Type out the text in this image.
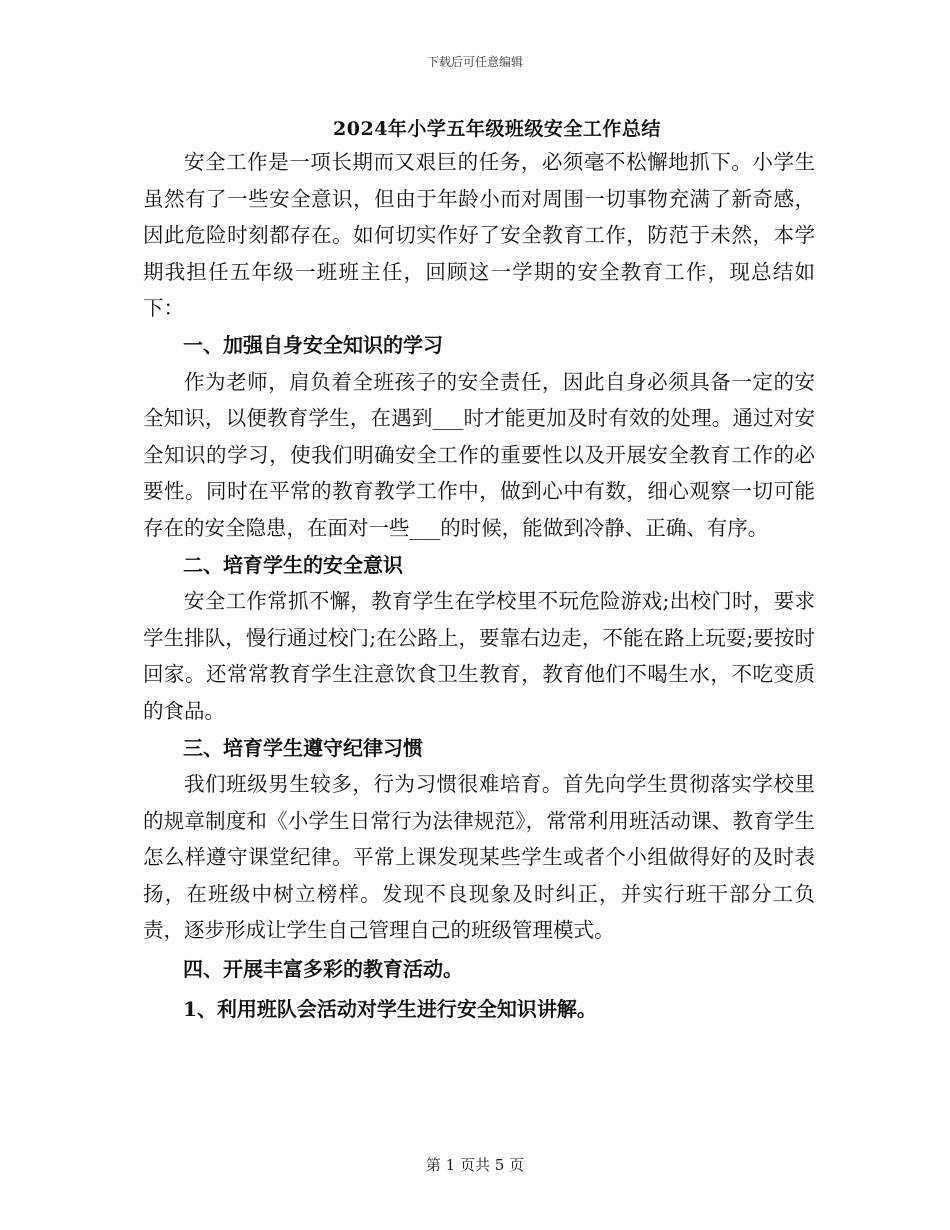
下载后可任意编辑
2024年小学五年级班级安全工作总结

安全工作是一项长期而又艰巨的任务，必须毫不松懈地抓下。小学生虽然有了一些安全意识，但由于年龄小而对周围一切事物充满了新奇感，因此危险时刻都存在。如何切实作好了安全教育工作，防范于未然，本学期我担任五年级一班班主任，回顾这一学期的安全教育工作，现总结如下：

一、加强自身安全知识的学习

作为老师，肩负着全班孩子的安全责任，因此自身必须具备一定的安全知识，以便教育学生，在遇到___时才能更加及时有效的处理。通过对安全知识的学习，使我们明确安全工作的重要性以及开展安全教育工作的必要性。同时在平常的教育教学工作中，做到心中有数，细心观察一切可能存在的安全隐患，在面对一些___的时候，能做到冷静、正确、有序。

二、培育学生的安全意识

安全工作常抓不懈，教育学生在学校里不玩危险游戏;出校门时，要求学生排队，慢行通过校门;在公路上，要靠右边走，不能在路上玩耍;要按时回家。还常常教育学生注意饮食卫生教育，教育他们不喝生水，不吃变质的食品。

三、培育学生遵守纪律习惯

我们班级男生较多，行为习惯很难培育。首先向学生贯彻落实学校里的规章制度和《小学生日常行为法律规范》，常常利用班活动课、教育学生怎么样遵守课堂纪律。平常上课发现某些学生或者个小组做得好的及时表扬，在班级中树立榜样。发现不良现象及时纠正，并实行班干部分工负责，逐步形成让学生自己管理自己的班级管理模式。

四、开展丰富多彩的教育活动。

1、利用班队会活动对学生进行安全知识讲解。

第 1 页共 5 页
